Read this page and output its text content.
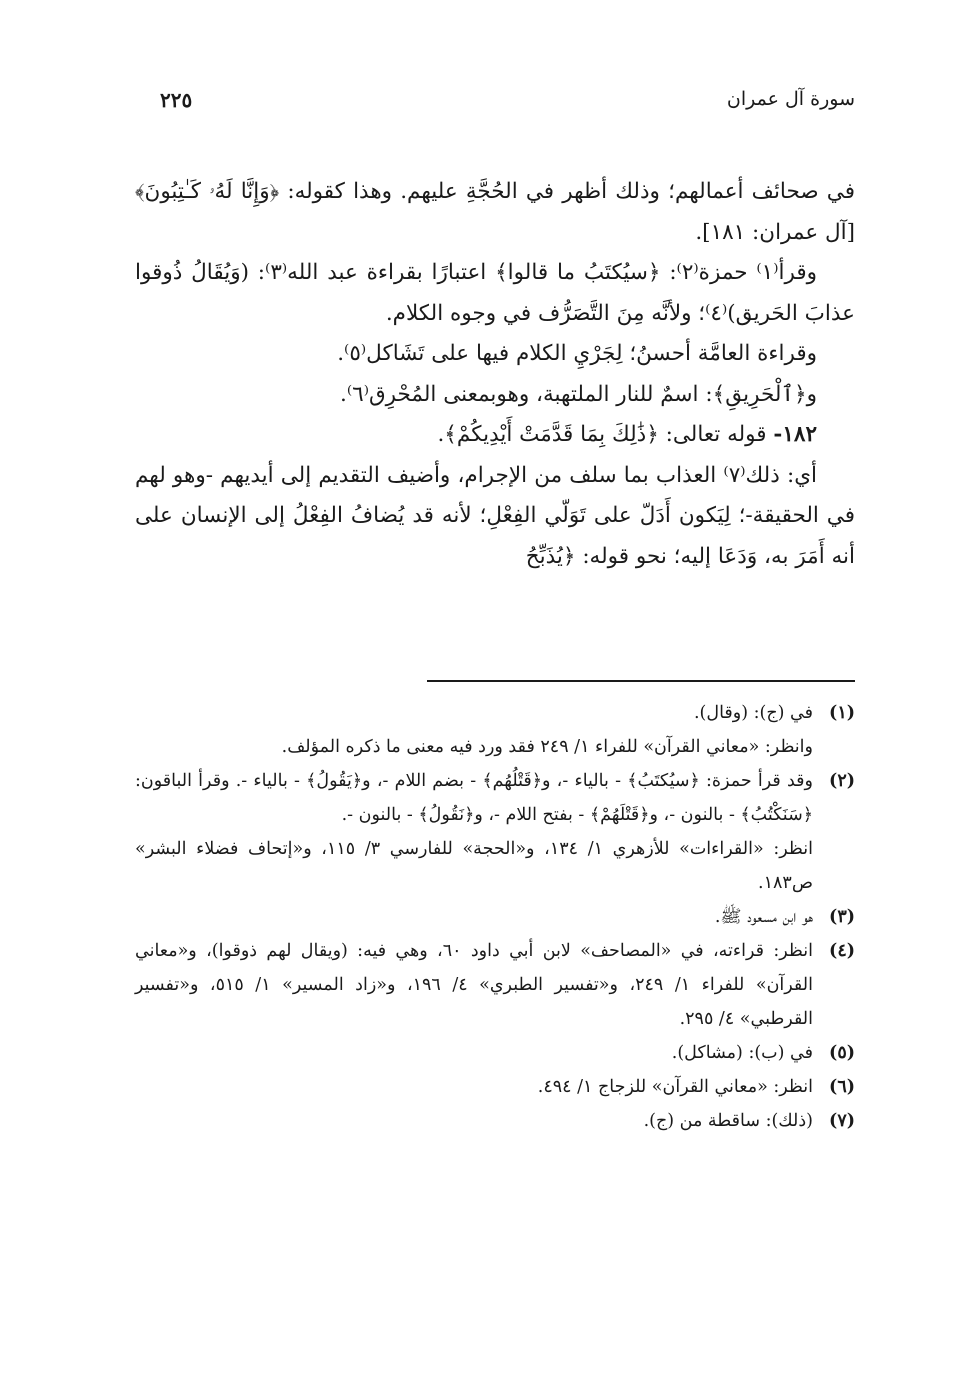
سورة آل عمران
٢٢٥

في صحائف أعمالهم؛ وذلك أظهر في الحُجَّةِ عليهم. وهذا كقوله: ﴿وَإِنَّا لَهُۥ كَـٰتِبُونَ﴾ [آل عمران: ١٨١].

وقرأ⁽١⁾ حمزة⁽٢⁾: ﴿سيُكتَبُ ما قالوا﴾ اعتبارًا بقراءة عبد الله⁽٣⁾: (وَيُقَالُ ذُوقوا عذابَ الحَريق)⁽٤⁾؛ ولأنَّه مِنَ التَّصَرُّف في وجوه الكلام.

وقراءة العامَّة أحسنُ؛ لِجَرْيِ الكلام فيها على تَشَاكل⁽٥⁾.

و﴿ٱلْحَرِيقِ﴾: اسمٌ للنار الملتهبة، وهوبمعنى المُحْرِق⁽٦⁾.

١٨٢- قوله تعالى: ﴿ذَٰلِكَ بِمَا قَدَّمَتْ أَيْدِيكُمْ﴾.

أي: ذلك⁽٧⁾ العذاب بما سلف من الإجرام، وأضيف التقديم إلى أيديهم -وهو لهم في الحقيقة-؛ لِيَكون أَدَلّ على تَوَلّي الفِعْلِ؛ لأنه قد يُضافُ الفِعْلُ إلى الإنسان على أنه أَمَرَ به، وَدَعَا إليه؛ نحو قوله: ﴿يُذَبِّحُ

(١)
في (ج): (وقال).
وانظر: «معاني القرآن» للفراء ١/ ٢٤٩ فقد ورد فيه معنى ما ذكره المؤلف.
(٢)
وقد قرأ حمزة: ﴿سيُكتَبُ﴾ - بالياء -، و﴿قَتْلُهُم﴾ - بضم اللام -، و﴿يَقُولُ﴾ - بالياء -. وقرأ الباقون: ﴿سَنَكْتُبُ﴾ - بالنون -، و﴿قَتْلَهُمْ﴾ - بفتح اللام -، و﴿نَقُولُ﴾ - بالنون -.
انظر: «القراءات» للأزهري ١/ ١٣٤، و«الحجة» للفارسي ٣/ ١١٥، و«إتحاف فضلاء البشر» ص١٨٣.
(٣)
هو ابن مسعود ﷺ.
(٤)
انظر: قراءته، في «المصاحف» لابن أبي داود ٦٠، وهي فيه: (ويقال لهم ذوقوا)، و«معاني القرآن» للفراء ١/ ٢٤٩، و«تفسير الطبري» ٤/ ١٩٦، و«زاد المسير» ١/ ٥١٥، و«تفسير القرطبي» ٤/ ٢٩٥.
(٥)
في (ب): (مشاكل).
(٦)
انظر: «معاني القرآن» للزجاج ١/ ٤٩٤.
(٧)
(ذلك): ساقطة من (ج).
